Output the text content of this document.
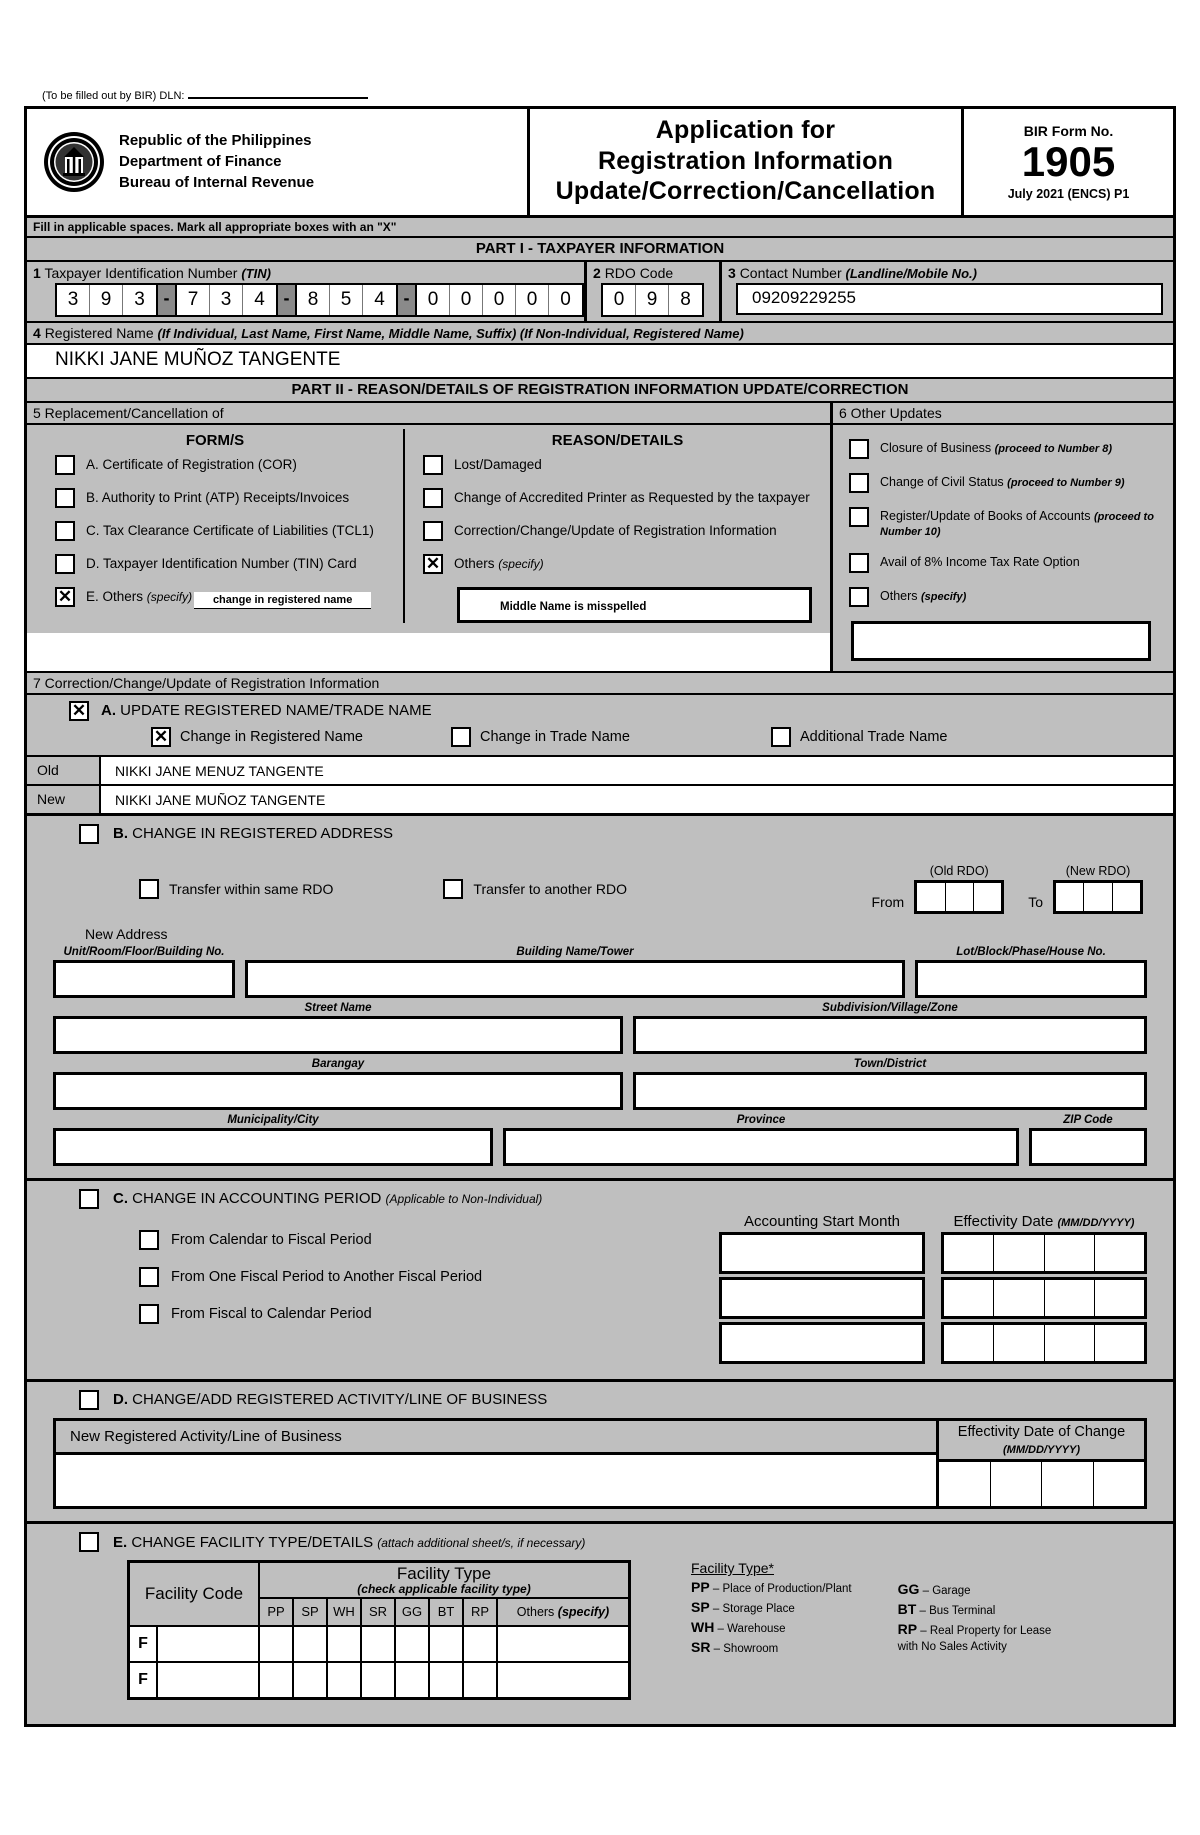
(To be filled out by BIR) DLN:
Republic of the Philippines
Department of Finance
Bureau of Internal Revenue
Application for
Registration Information
Update/Correction/Cancellation
BIR Form No.
1905
July 2021 (ENCS) P1
Fill in applicable spaces. Mark all appropriate boxes with an "X"
PART I - TAXPAYER INFORMATION
1 Taxpayer Identification Number (TIN)
3	9	3	- 7	3	4	- 8	5	4	- 0	0	0	0	0
2 RDO Code
0	9	8
3 Contact Number (Landline/Mobile No.)
09209229255
4 Registered Name (If Individual, Last Name, First Name, Middle Name, Suffix) (If Non-Individual, Registered Name)
NIKKI JANE MUÑOZ TANGENTE
PART II - REASON/DETAILS OF REGISTRATION INFORMATION UPDATE/CORRECTION
5 Replacement/Cancellation of
FORM/S
A. Certificate of Registration (COR)
B. Authority to Print (ATP) Receipts/Invoices
C. Tax Clearance Certificate of Liabilities (TCL1)
D. Taxpayer Identification Number (TIN) Card
✕
E. Others (specify) change in registered name
REASON/DETAILS
Lost/Damaged
Change of Accredited Printer as Requested by the taxpayer
Correction/Change/Update of Registration Information
✕
Others (specify)
Middle Name is misspelled
6 Other Updates
Closure of Business (proceed to Number 8)
Change of Civil Status (proceed to Number 9)
Register/Update of Books of Accounts (proceed to Number 10)
Avail of 8% Income Tax Rate Option
Others (specify)
7 Correction/Change/Update of Registration Information
✕
A. UPDATE REGISTERED NAME/TRADE NAME
✕
Change in Registered Name	Change in Trade Name	Additional Trade Name
Old	NIKKI JANE MENUZ TANGENTE
New	NIKKI JANE MUÑOZ TANGENTE
B. CHANGE IN REGISTERED ADDRESS
Transfer within same RDO	Transfer to another RDO
From
(Old RDO)
To
(New RDO)
New Address
Unit/Room/Floor/Building No.	Building Name/Tower	Lot/Block/Phase/House No.
Street Name	Subdivision/Village/Zone
Barangay	Town/District
Municipality/City	Province	ZIP Code
C. CHANGE IN ACCOUNTING PERIOD (Applicable to Non-Individual)
From Calendar to Fiscal Period
From One Fiscal Period to Another Fiscal Period
From Fiscal to Calendar Period
Accounting Start Month	Effectivity Date (MM/DD/YYYY)
D. CHANGE/ADD REGISTERED ACTIVITY/LINE OF BUSINESS
New Registered Activity/Line of Business	Effectivity Date of Change
(MM/DD/YYYY)
E. CHANGE FACILITY TYPE/DETAILS (attach additional sheet/s, if necessary)
Facility Code		Facility Type
(check applicable facility type)							

		PP	SP	WH	SR	GG	BT	RP	Others (specify)
F									
F									
Facility Type*
PP – Place of Production/Plant
SP – Storage Place
WH – Warehouse
SR – Showroom
GG – Garage
BT – Bus Terminal
RP – Real Property for Lease
with No Sales Activity
